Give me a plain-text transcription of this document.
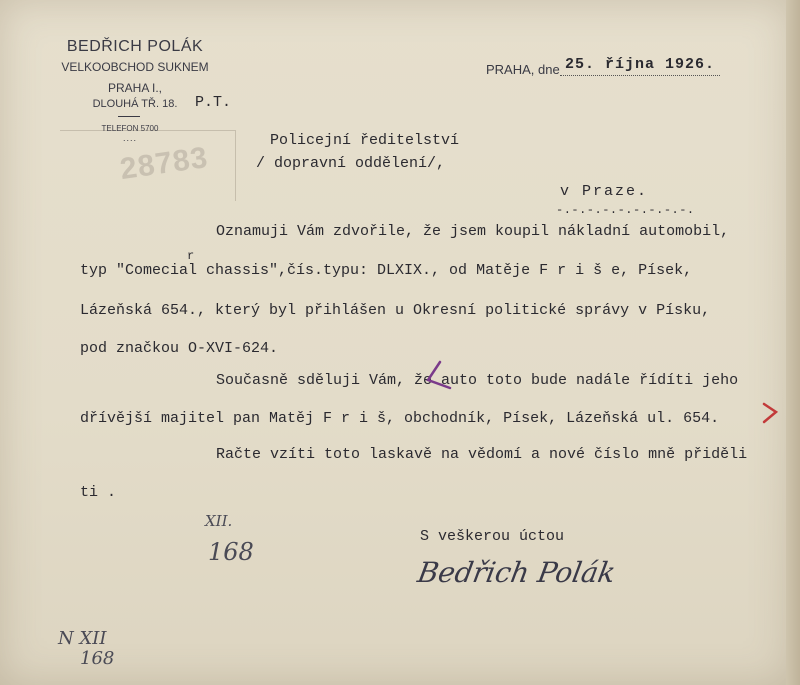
28783
BEDŘICH POLÁK
VELKOOBCHOD SUKNEM
PRAHA I.,
DLOUHÁ TŘ. 18.
TELEFON 5700
....
P.T.
PRAHA, dne 25. října 1926.
Policejní ředitelství
/ dopravní oddělení/,
v Praze.
-.-.-.-.-.-.-.-.-.
Oznamuji Vám zdvořile, že jsem koupil nákladní automobil,
r
typ "Comecial chassis",čís.typu: DLXIX., od Matěje F r i š e, Písek,
Lázeňská 654., který byl přihlášen u Okresní politické správy v Písku,
pod značkou O-XVI-624.
Současně sděluji Vám, že auto toto bude nadále řídíti jeho
dřívější majitel pan Matěj F r i š, obchodník, Písek, Lázeňská ul. 654.
Račte vzíti toto laskavě na vědomí a nové číslo mně přiděli
ti .
S veškerou úctou
Bedřich Polák
XII.
168
N XII
168
